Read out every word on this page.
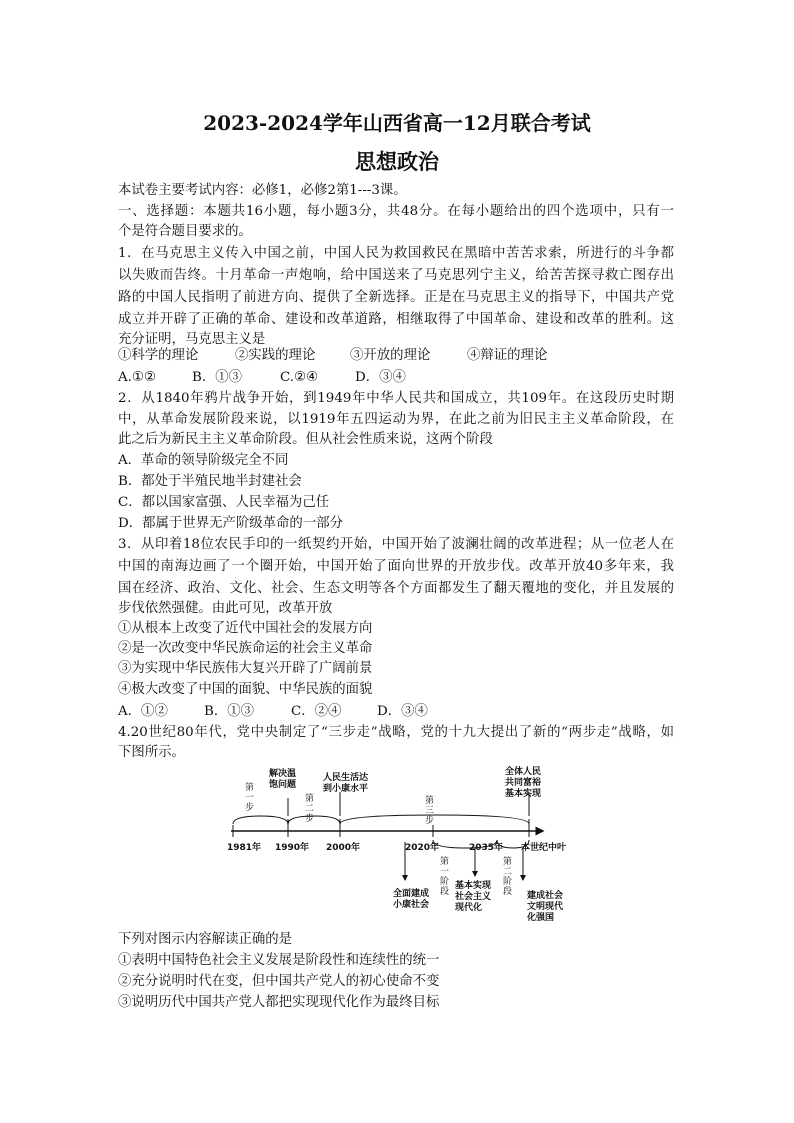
2023-2024学年山西省高一12月联合考试
思想政治
本试卷主要考试内容：必修1，必修2第1---3课。
一、选择题：本题共16小题，每小题3分，共48分。在每小题给出的四个选项中，只有一
个是符合题目要求的。
1．在马克思主义传入中国之前，中国人民为救国救民在黑暗中苦苦求索，所进行的斗争都
以失败而告终。十月革命一声炮响，给中国送来了马克思列宁主义，给苦苦探寻救亡图存出
路的中国人民指明了前进方向、提供了全新选择。正是在马克思主义的指导下，中国共产党
成立并开辟了正确的革命、建设和改革道路，相继取得了中国革命、建设和改革的胜利。这
充分证明，马克思主义是
①科学的理论	②实践的理论	③开放的理论	④辩证的理论
A.①②	B．①③	C.②④	D．③④
2．从1840年鸦片战争开始，到1949年中华人民共和国成立，共109年。在这段历史时期
中，从革命发展阶段来说，以1919年五四运动为界，在此之前为旧民主主义革命阶段，在
此之后为新民主主义革命阶段。但从社会性质来说，这两个阶段
A．革命的领导阶级完全不同
B．都处于半殖民地半封建社会
C．都以国家富强、人民幸福为己任
D．都属于世界无产阶级革命的一部分
3．从印着18位农民手印的一纸契约开始，中国开始了波澜壮阔的改革进程；从一位老人在
中国的南海边画了一个圈开始，中国开始了面向世界的开放步伐。改革开放40多年来，我
国在经济、政治、文化、社会、生态文明等各个方面都发生了翻天覆地的变化，并且发展的
步伐依然强健。由此可见，改革开放
①从根本上改变了近代中国社会的发展方向
②是一次改变中华民族命运的社会主义革命
③为实现中华民族伟大复兴开辟了广阔前景
④极大改变了中国的面貌、中华民族的面貌
A．①②	B．①③	C．②④	D．③④
4.20世纪80年代，党中央制定了“三步走”战略，党的十九大提出了新的“两步走”战略，如
下图所示。
第一步
第二步
第三步
解决温饱问题
人民生活达到小康水平
全体人民共同富裕基本实现
1981年 1990年 2000年	2020年	2035年 本世纪中叶
第一阶段
第二阶段
全面建成小康社会
基本实现社会主义现代化
建成社会文明现代化强国
下列对图示内容解读正确的是
①表明中国特色社会主义发展是阶段性和连续性的统一
②充分说明时代在变，但中国共产党人的初心使命不变
③说明历代中国共产党人都把实现现代化作为最终目标
